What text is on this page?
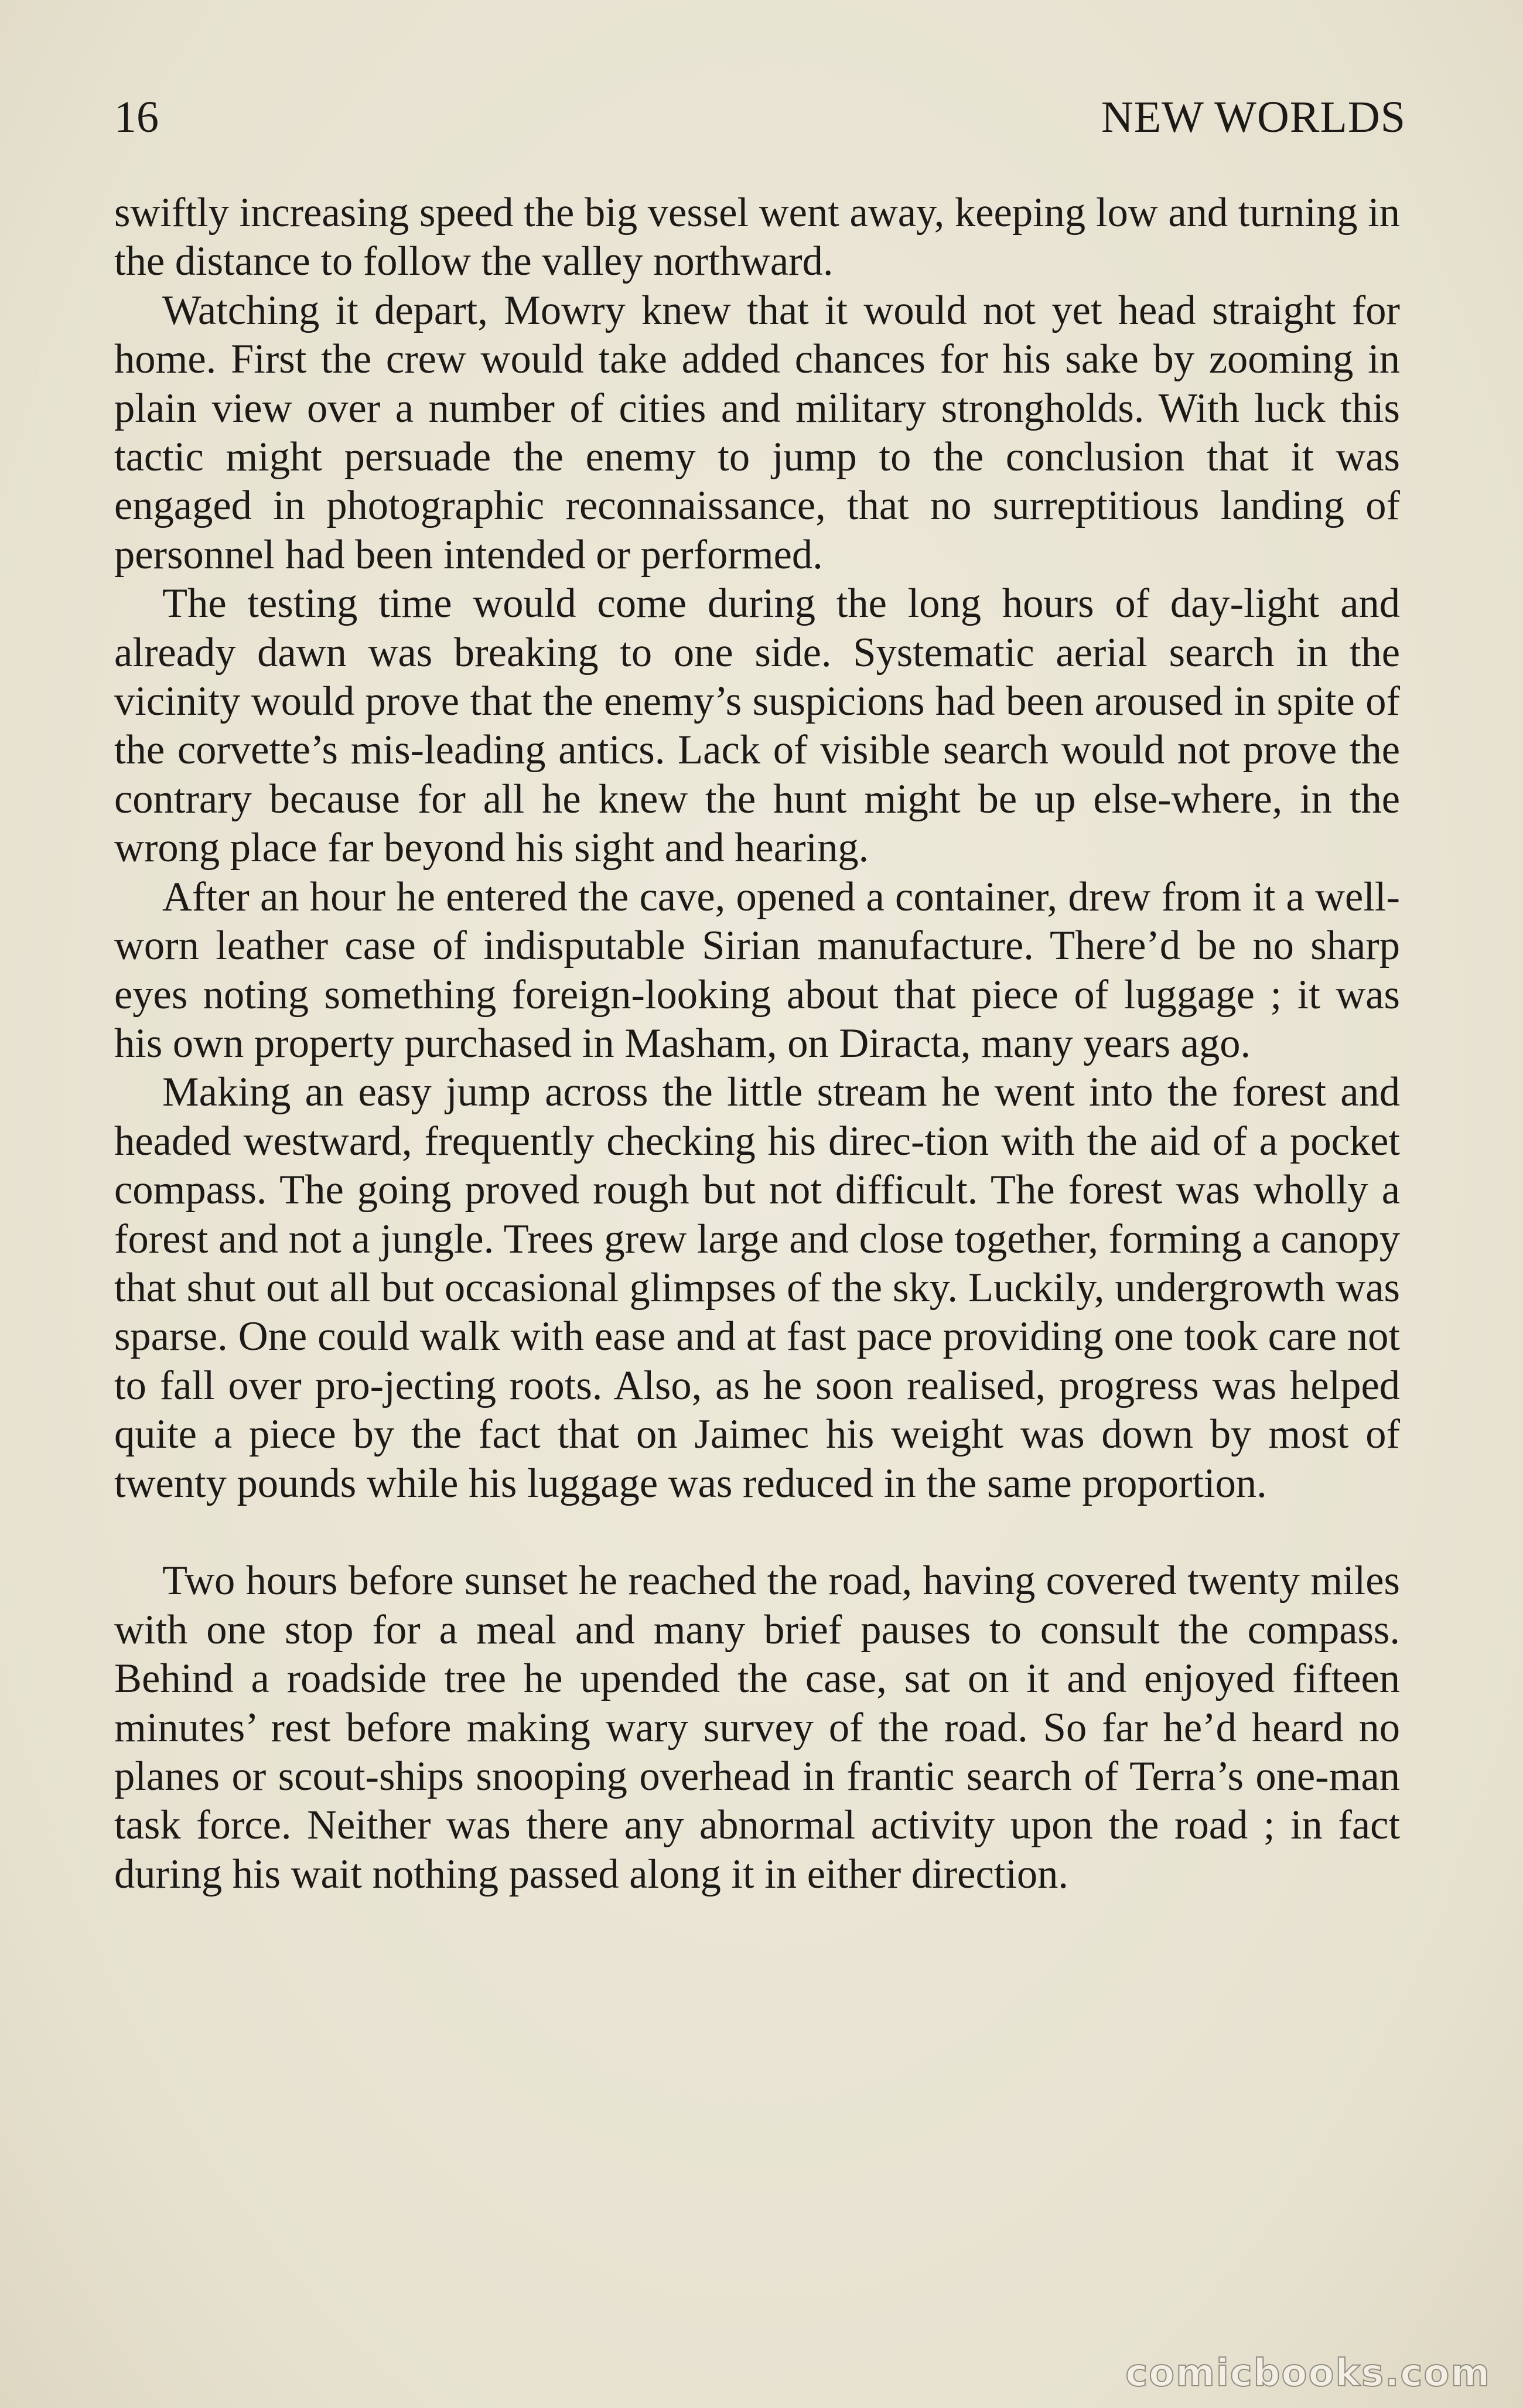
16	NEW WORLDS

swiftly increasing speed the big vessel went away, keeping low and turning in the distance to follow the valley northward.

Watching it depart, Mowry knew that it would not yet head straight for home. First the crew would take added chances for his sake by zooming in plain view over a number of cities and military strongholds. With luck this tactic might persuade the enemy to jump to the conclusion that it was engaged in photographic reconnaissance, that no surreptitious landing of personnel had been intended or performed.

The testing time would come during the long hours of day-light and already dawn was breaking to one side. Systematic aerial search in the vicinity would prove that the enemy’s suspicions had been aroused in spite of the corvette’s mis-leading antics. Lack of visible search would not prove the contrary because for all he knew the hunt might be up else-where, in the wrong place far beyond his sight and hearing.

After an hour he entered the cave, opened a container, drew from it a well-worn leather case of indisputable Sirian manufacture. There’d be no sharp eyes noting something foreign-looking about that piece of luggage ; it was his own property purchased in Masham, on Diracta, many years ago.

Making an easy jump across the little stream he went into the forest and headed westward, frequently checking his direc-tion with the aid of a pocket compass. The going proved rough but not difficult. The forest was wholly a forest and not a jungle. Trees grew large and close together, forming a canopy that shut out all but occasional glimpses of the sky. Luckily, undergrowth was sparse. One could walk with ease and at fast pace providing one took care not to fall over pro-jecting roots. Also, as he soon realised, progress was helped quite a piece by the fact that on Jaimec his weight was down by most of twenty pounds while his luggage was reduced in the same proportion.

Two hours before sunset he reached the road, having covered twenty miles with one stop for a meal and many brief pauses to consult the compass. Behind a roadside tree he upended the case, sat on it and enjoyed fifteen minutes’ rest before making wary survey of the road. So far he’d heard no planes or scout-ships snooping overhead in frantic search of Terra’s one-man task force. Neither was there any abnormal activity upon the road ; in fact during his wait nothing passed along it in either direction.

comicbooks.com
